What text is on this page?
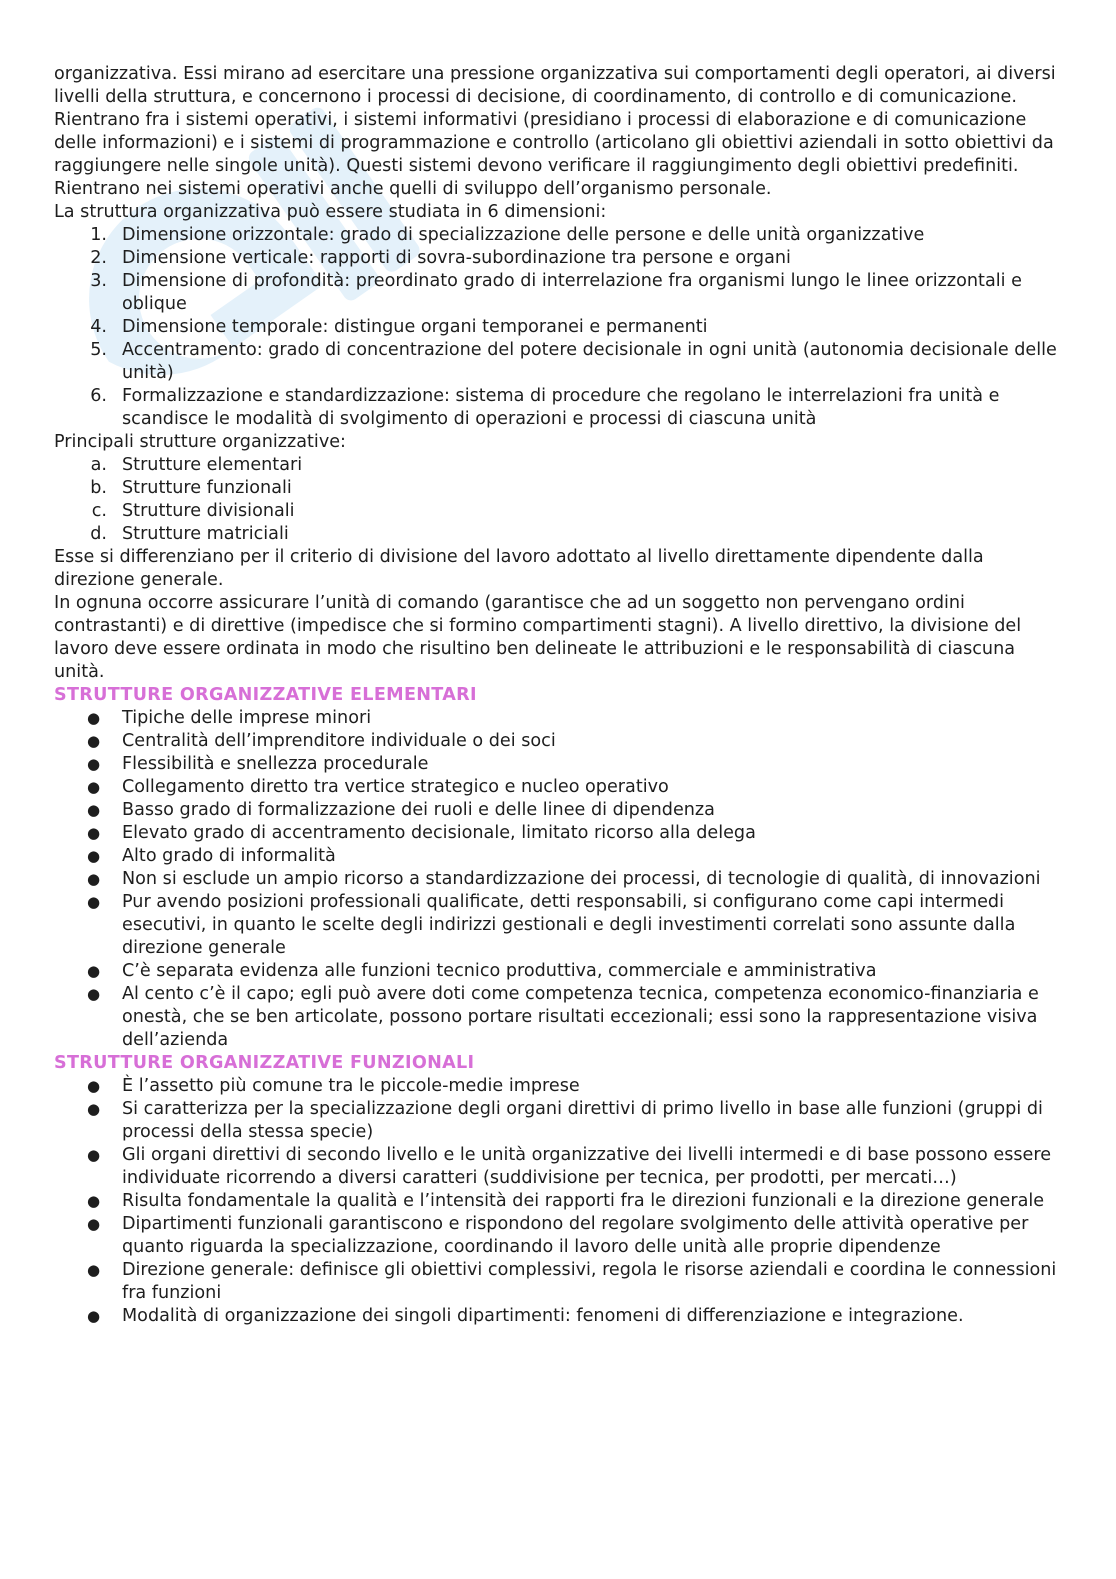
organizzativa. Essi mirano ad esercitare una pressione organizzativa sui comportamenti degli operatori, ai diversi livelli della struttura, e concernono i processi di decisione, di coordinamento, di controllo e di comunicazione.

Rientrano fra i sistemi operativi, i sistemi informativi (presidiano i processi di elaborazione e di comunicazione delle informazioni) e i sistemi di programmazione e controllo (articolano gli obiettivi aziendali in sotto obiettivi da raggiungere nelle singole unità). Questi sistemi devono verificare il raggiungimento degli obiettivi predefiniti. Rientrano nei sistemi operativi anche quelli di sviluppo dell’organismo personale.

La struttura organizzativa può essere studiata in 6 dimensioni:

1. Dimensione orizzontale: grado di specializzazione delle persone e delle unità organizzative
2. Dimensione verticale: rapporti di sovra-subordinazione tra persone e organi
3. Dimensione di profondità: preordinato grado di interrelazione fra organismi lungo le linee orizzontali e oblique
4. Dimensione temporale: distingue organi temporanei e permanenti
5. Accentramento: grado di concentrazione del potere decisionale in ogni unità (autonomia decisionale delle unità)
6. Formalizzazione e standardizzazione: sistema di procedure che regolano le interrelazioni fra unità e scandisce le modalità di svolgimento di operazioni e processi di ciascuna unità

Principali strutture organizzative:

a. Strutture elementari
b. Strutture funzionali
c. Strutture divisionali
d. Strutture matriciali

Esse si differenziano per il criterio di divisione del lavoro adottato al livello direttamente dipendente dalla direzione generale.

In ognuna occorre assicurare l’unità di comando (garantisce che ad un soggetto non pervengano ordini contrastanti) e di direttive (impedisce che si formino compartimenti stagni). A livello direttivo, la divisione del lavoro deve essere ordinata in modo che risultino ben delineate le attribuzioni e le responsabilità di ciascuna unità.

STRUTTURE ORGANIZZATIVE ELEMENTARI
● Tipiche delle imprese minori
● Centralità dell’imprenditore individuale o dei soci
● Flessibilità e snellezza procedurale
● Collegamento diretto tra vertice strategico e nucleo operativo
● Basso grado di formalizzazione dei ruoli e delle linee di dipendenza
● Elevato grado di accentramento decisionale, limitato ricorso alla delega
● Alto grado di informalità
● Non si esclude un ampio ricorso a standardizzazione dei processi, di tecnologie di qualità, di innovazioni
● Pur avendo posizioni professionali qualificate, detti responsabili, si configurano come capi intermedi esecutivi, in quanto le scelte degli indirizzi gestionali e degli investimenti correlati sono assunte dalla direzione generale
● C’è separata evidenza alle funzioni tecnico produttiva, commerciale e amministrativa
● Al cento c’è il capo; egli può avere doti come competenza tecnica, competenza economico-finanziaria e onestà, che se ben articolate, possono portare risultati eccezionali; essi sono la rappresentazione visiva dell’azienda
STRUTTURE ORGANIZZATIVE FUNZIONALI
● È l’assetto più comune tra le piccole-medie imprese
● Si caratterizza per la specializzazione degli organi direttivi di primo livello in base alle funzioni (gruppi di processi della stessa specie)
● Gli organi direttivi di secondo livello e le unità organizzative dei livelli intermedi e di base possono essere individuate ricorrendo a diversi caratteri (suddivisione per tecnica, per prodotti, per mercati…)
● Risulta fondamentale la qualità e l’intensità dei rapporti fra le direzioni funzionali e la direzione generale
● Dipartimenti funzionali garantiscono e rispondono del regolare svolgimento delle attività operative per quanto riguarda la specializzazione, coordinando il lavoro delle unità alle proprie dipendenze
● Direzione generale: definisce gli obiettivi complessivi, regola le risorse aziendali e coordina le connessioni fra funzioni
● Modalità di organizzazione dei singoli dipartimenti: fenomeni di differenziazione e integrazione.
